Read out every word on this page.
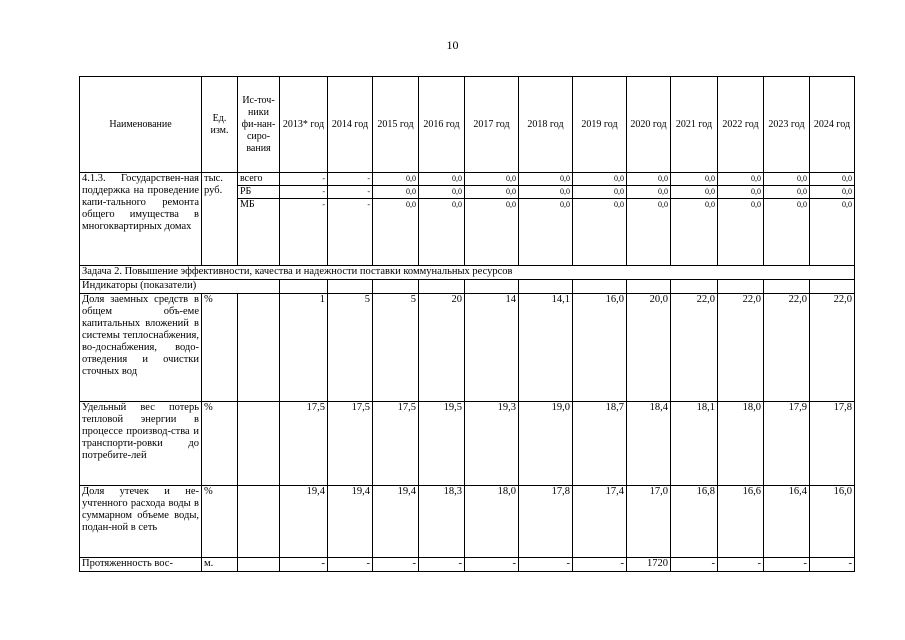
10
Наименование	Ед. изм.	Ис-точ-ники фи-нан-сиро-вания	2013* год	2014 год	2015 год	2016 год	2017 год	2018 год	2019 год	2020 год	2021 год	2022 год	2023 год	2024 год
4.1.3. Государствен-ная поддержка на проведение капи-тального ремонта общего имущества в многоквартирных домах	тыс. руб.	всего	-	-	0,0	0,0	0,0	0,0	0,0	0,0	0,0	0,0	0,0	0,0
		РБ	-	-	0,0	0,0	0,0	0,0	0,0	0,0	0,0	0,0	0,0	0,0
		МБ	-	-	0,0	0,0	0,0	0,0	0,0	0,0	0,0	0,0	0,0	0,0
Задача 2. Повышение эффективности, качества и надежности поставки коммунальных ресурсов														
Индикаторы (показатели)														
Доля заемных средств в общем объ-еме капитальных вложений в системы теплоснабжения, во-доснабжения, водо-отведения и очистки сточных вод	%		1	5	5	20	14	14,1	16,0	20,0	22,0	22,0	22,0	22,0
Удельный вес потерь тепловой энергии в процессе производ-ства и транспорти-ровки до потребите-лей	%		17,5	17,5	17,5	19,5	19,3	19,0	18,7	18,4	18,1	18,0	17,9	17,8
Доля утечек и не-учтенного расхода воды в суммарном объеме воды, подан-ной в сеть	%		19,4	19,4	19,4	18,3	18,0	17,8	17,4	17,0	16,8	16,6	16,4	16,0
Протяженность вос-	м.		-	-	-	-	-	-	-	1720	-	-	-	-
